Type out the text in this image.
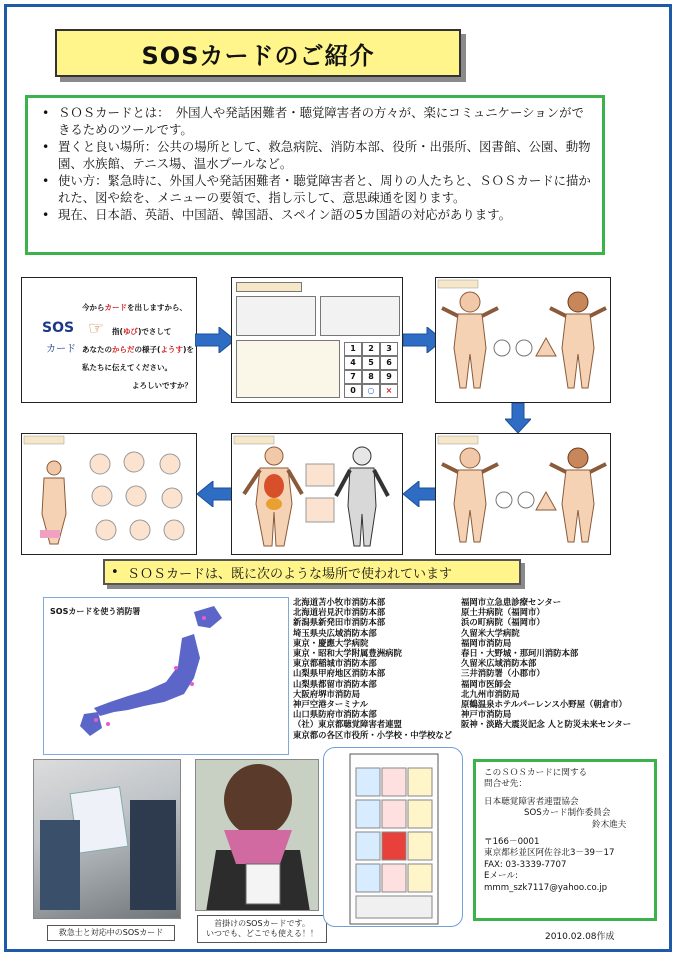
SOSカードのご紹介
• ＳＯＳカードとは：　外国人や発話困難者・聴覚障害者の方々が、楽にコミュニケーションができるためのツールです。
• 置くと良い場所：公共の場所として、救急病院、消防本部、役所・出張所、図書館、公園、動物園、水族館、テニス場、温水プールなど。
• 使い方：緊急時に、外国人や発話困難者・聴覚障害者と、周りの人たちと、ＳＯＳカードに描かれた、図や絵を、メニューの要領で、指し示して、意思疎通を図ります。
• 現在、日本語、英語、中国語、韓国語、スペイン語の5カ国語の対応があります。
SOS
カード
☞
今からカードを出しますから、
指(ゆび)でさして
あなたのからだの様子(ようす)を
私たちに伝えてください。
よろしいですか？
1	2	3
4	5	6
7	8	9
0	○	×
• ＳＯＳカードは、既に次のような場所で使われています
SOSカードを使う消防署
北海道苫小牧市消防本部
北海道岩見沢市消防本部
新潟県新発田市消防本部
埼玉県央広域消防本部
東京・慶應大学病院
東京・昭和大学附属豊洲病院
東京都稲城市消防本部
山梨県甲府地区消防本部
山梨県都留市消防本部
大阪府堺市消防局
神戸空港ターミナル
山口県防府市消防本部
（社）東京都聴覚障害者連盟
東京都の各区市役所・小学校・中学校など
福岡市立急患診療センター
原土井病院（福岡市）
浜の町病院（福岡市）
久留米大学病院
福岡市消防局
春日・大野城・那珂川消防本部
久留米広域消防本部
三井消防署（小郡市）
福岡市医師会
北九州市消防局
原鶴温泉ホテルパーレンス小野屋（朝倉市）
神戸市消防局
阪神・淡路大震災記念 人と防災未来センター
救急士と対応中のSOSカード
首掛けのSOSカードです。
いつでも、どこでも使える！！
このＳＯＳカードに関する
問合せ先：
日本聴覚障害者連盟協会
SOSカード制作委員会
鈴木進夫
〒166－0001
東京都杉並区阿佐谷北3－39－17
FAX: 03-3339-7707
Eメール:
mmm_szk7117@yahoo.co.jp
2010.02.08作成
